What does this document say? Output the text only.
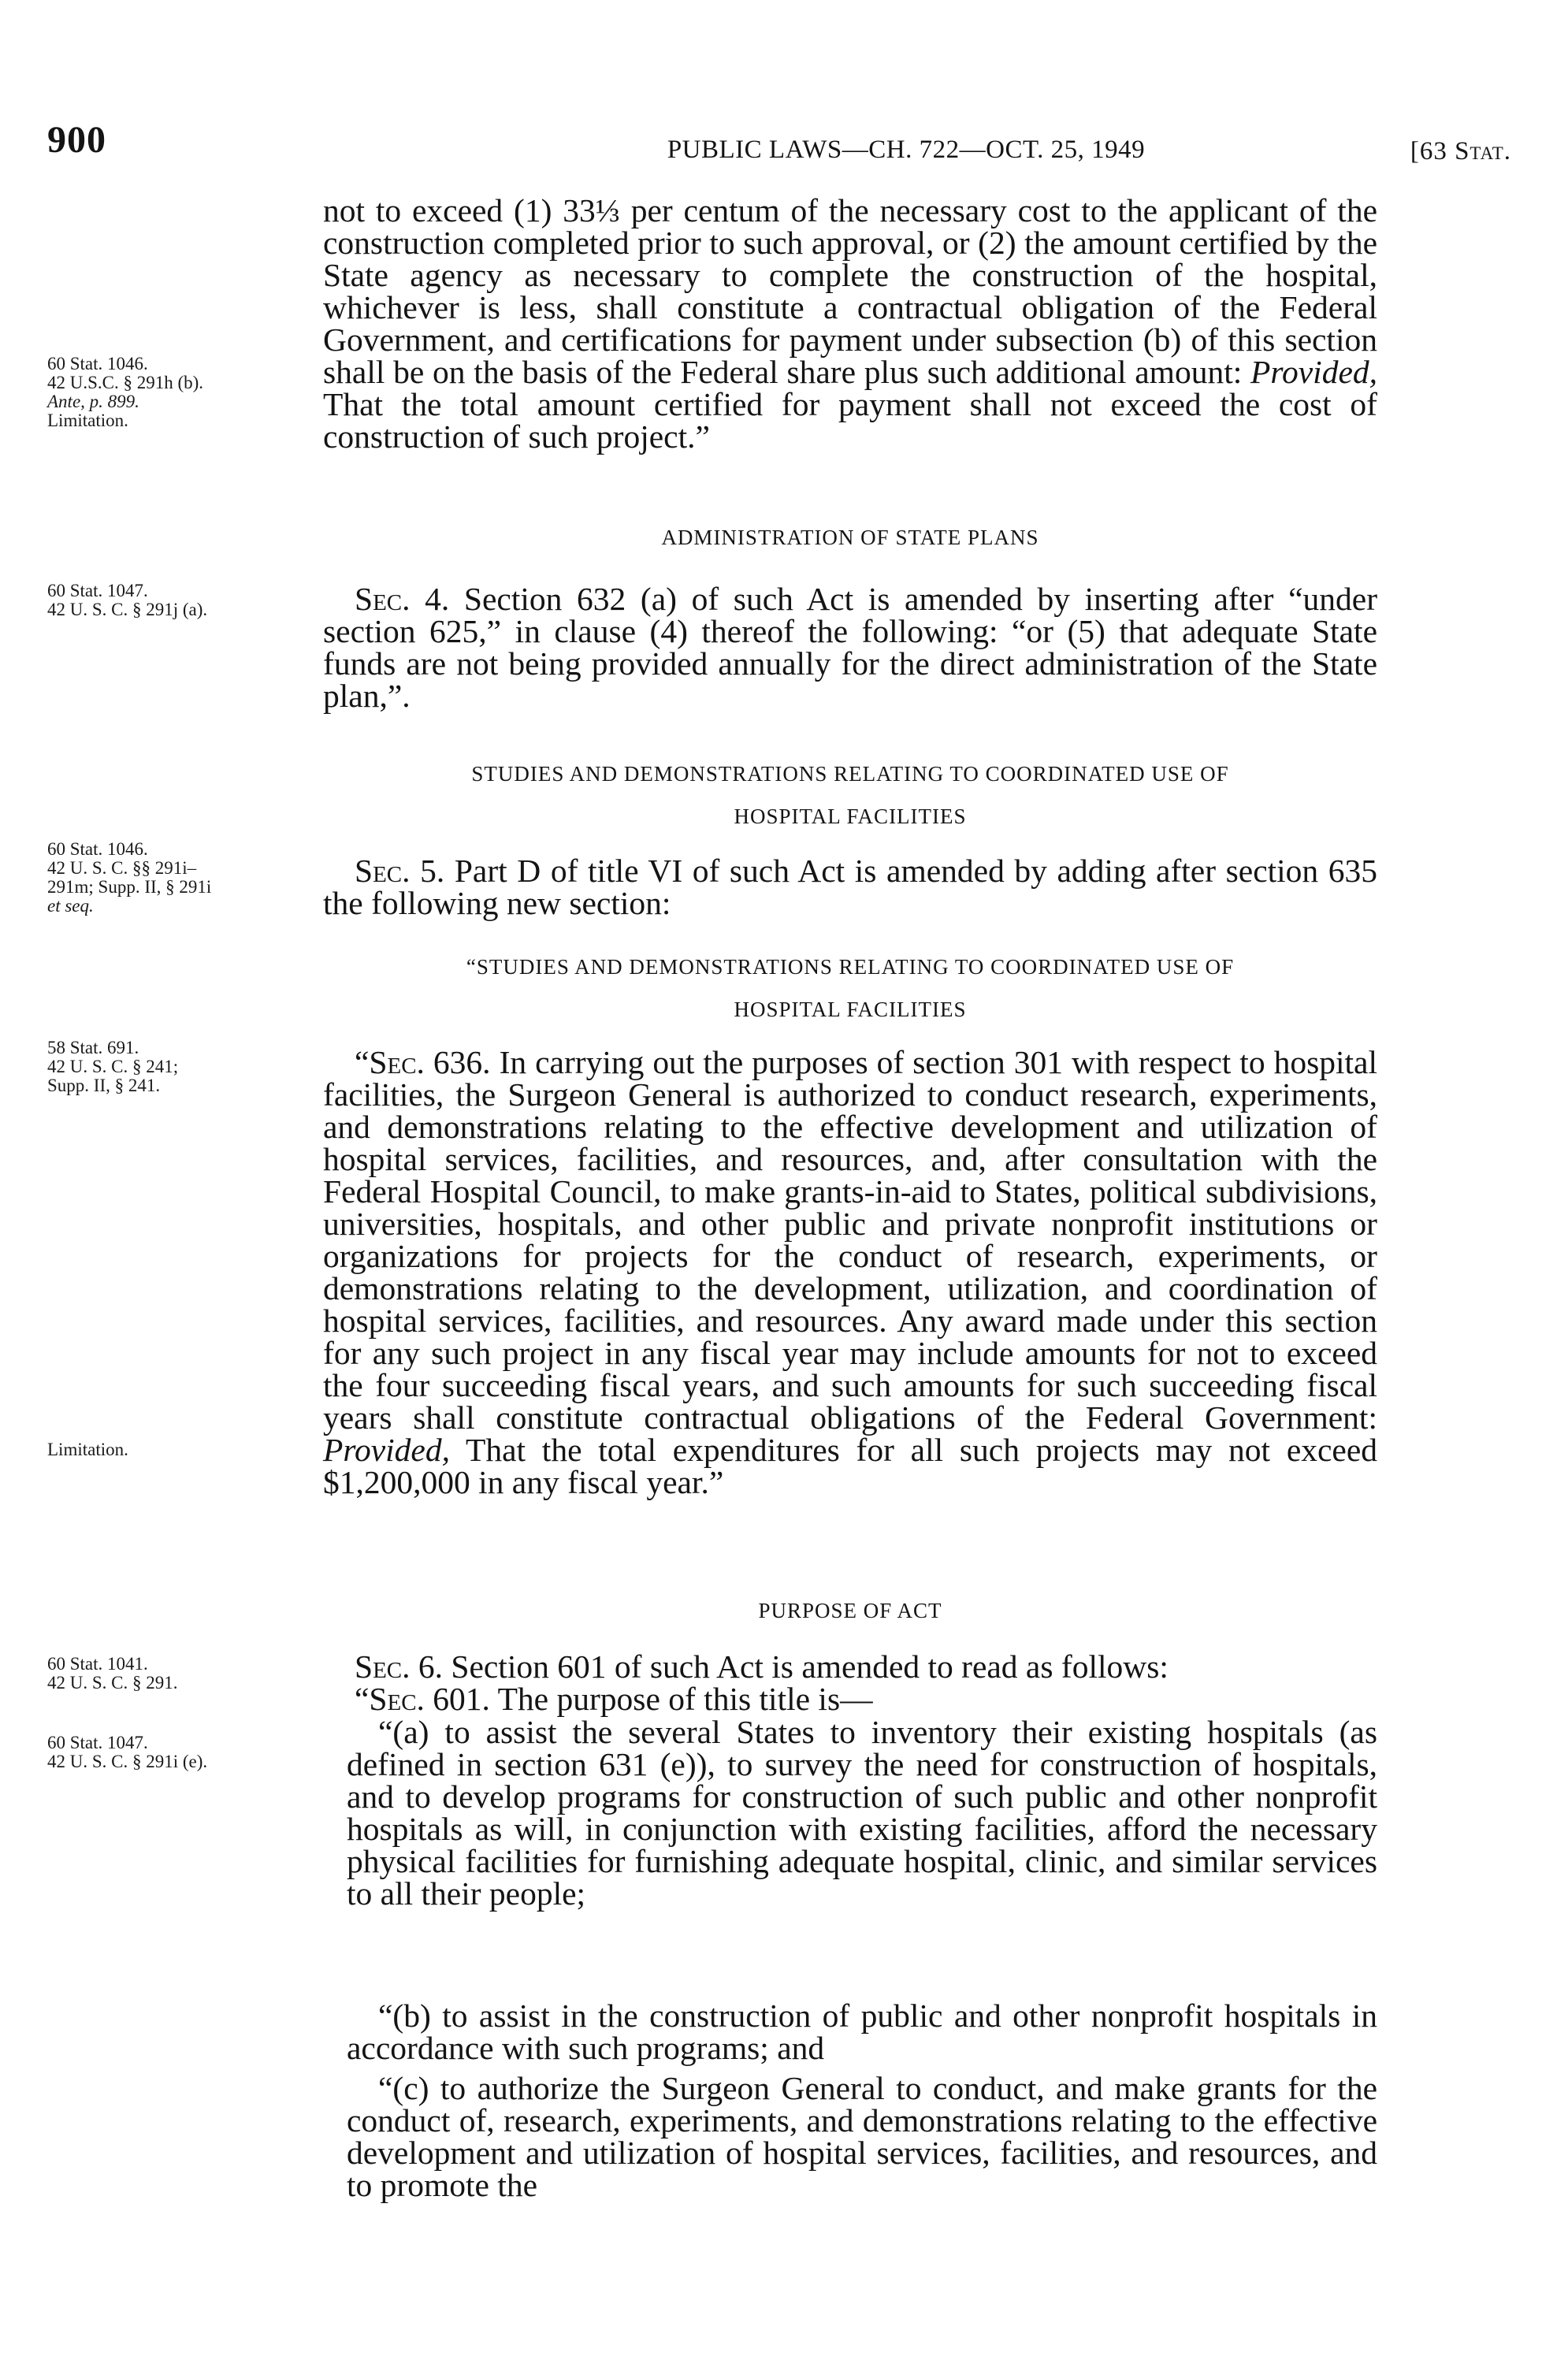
900	PUBLIC LAWS—CH. 722—OCT. 25, 1949	[63 Stat.
not to exceed (1) 33⅓ per centum of the necessary cost to the applicant of the construction completed prior to such approval, or (2) the amount certified by the State agency as necessary to complete the construction of the hospital, whichever is less, shall constitute a contractual obligation of the Federal Government, and certifications for payment under subsection (b) of this section shall be on the basis of the Federal share plus such additional amount: Provided, That the total amount certified for payment shall not exceed the cost of construction of such project.”
ADMINISTRATION OF STATE PLANS
Sec. 4. Section 632 (a) of such Act is amended by inserting after “under section 625,” in clause (4) thereof the following: “or (5) that adequate State funds are not being provided annually for the direct administration of the State plan,”.
STUDIES AND DEMONSTRATIONS RELATING TO COORDINATED USE OF
HOSPITAL FACILITIES
Sec. 5. Part D of title VI of such Act is amended by adding after section 635 the following new section:
“STUDIES AND DEMONSTRATIONS RELATING TO COORDINATED USE OF
HOSPITAL FACILITIES
“Sec. 636. In carrying out the purposes of section 301 with respect to hospital facilities, the Surgeon General is authorized to conduct research, experiments, and demonstrations relating to the effective development and utilization of hospital services, facilities, and resources, and, after consultation with the Federal Hospital Council, to make grants-in-aid to States, political subdivisions, universities, hospitals, and other public and private nonprofit institutions or organizations for projects for the conduct of research, experiments, or demonstrations relating to the development, utilization, and coordination of hospital services, facilities, and resources. Any award made under this section for any such project in any fiscal year may include amounts for not to exceed the four succeeding fiscal years, and such amounts for such succeeding fiscal years shall constitute contractual obligations of the Federal Government: Provided, That the total expenditures for all such projects may not exceed $1,200,000 in any fiscal year.”
PURPOSE OF ACT
Sec. 6. Section 601 of such Act is amended to read as follows:
“Sec. 601. The purpose of this title is—
“(a) to assist the several States to inventory their existing hospitals (as defined in section 631 (e)), to survey the need for construction of hospitals, and to develop programs for construction of such public and other nonprofit hospitals as will, in conjunction with existing facilities, afford the necessary physical facilities for furnishing adequate hospital, clinic, and similar services to all their people;
“(b) to assist in the construction of public and other nonprofit hospitals in accordance with such programs; and
“(c) to authorize the Surgeon General to conduct, and make grants for the conduct of, research, experiments, and demonstrations relating to the effective development and utilization of hospital services, facilities, and resources, and to promote the
60 Stat. 1046.
42 U.S.C. § 291h (b).
Ante, p. 899.
Limitation.
60 Stat. 1047.
42 U. S. C. § 291j (a).
60 Stat. 1046.
42 U. S. C. §§ 291i–
291m; Supp. II, § 291i
et seq.
58 Stat. 691.
42 U. S. C. § 241;
Supp. II, § 241.
Limitation.
60 Stat. 1041.
42 U. S. C. § 291.
60 Stat. 1047.
42 U. S. C. § 291i (e).
